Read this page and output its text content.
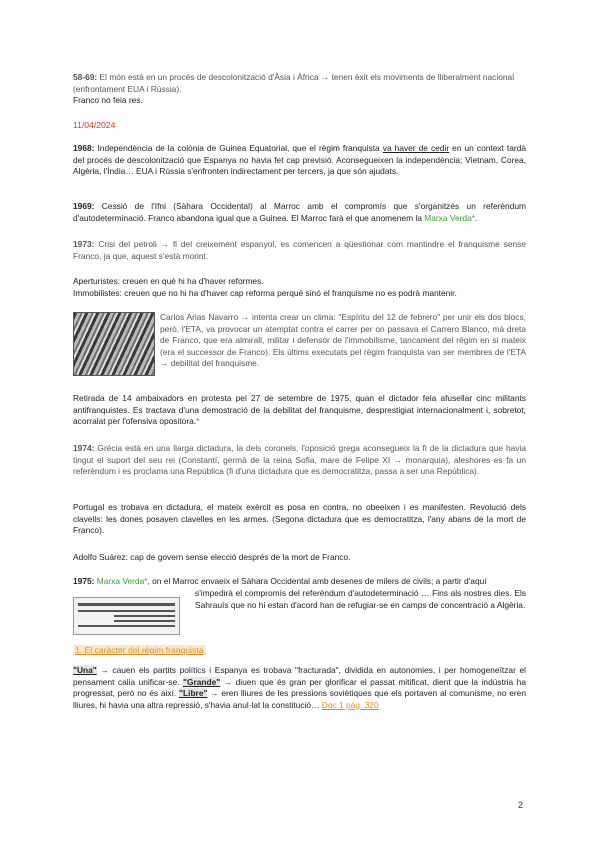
58-69: El món està en un procés de descolonització d'Àsia i Àfrica → tenen èxit els moviments de lliberalment nacional (enfrontament EUA i Rússia).
Franco no feia res.
11/04/2024
1968: Independència de la colònia de Guinea Equatorial, que el règim franquista va haver de cedir en un context tardà del procés de descolonització que Espanya no havia fet cap previsió. Aconsegueixen la independència; Vietnam, Corea, Algèria, l'Índia… EUA i Rússia s'enfronten indirectament per tercers, ja que són ajudats.
1969: Cessió de l'Ifni (Sàhara Occidental) al Marroc amb el compromís que s'organitzés un referèndum d'autodeterminació. Franco abandona igual que a Guinea. El Marroc farà el que anomenem la Marxa Verda*.
1973: Crisi del petroli → fi del creixement espanyol, es comencen a qüestionar com mantindre el franquisme sense Franco, ja que, aquest s'està morint.
Aperturistes: creuen en què hi ha d'haver reformes.
Immobilistes: creuen que no hi ha d'haver cap reforma perquè sinó el franquisme no es podrà mantenir.
Carlos Arias Navarro → intenta crear un clima: "Espíritu del 12 de febrero" per unir els dos blocs, però, l'ETA, va provocar un atemptat contra el carrer per on passava el Carrero Blanco, mà dreta de Franco, que era almirall, militar i defensor de l'immobilisme, tancament del règim en si mateix (era el successor de Franco). Els últims executats pel règim franquista van ser membres de l'ETA → debilitat del franquisme.
Retirada de 14 ambaixadors en protesta pel 27 de setembre de 1975, quan el dictador feia afusellar cinc militants antifranquistes. Es tractava d'una demostració de la debilitat del franquisme, desprestigiat internacionalment i, sobretot, acorralat per l'ofensiva opositora.*
1974: Grècia està en una llarga dictadura, la dels coronels, l'oposició grega aconsegueix la fi de la dictadura que havia tingut el suport del seu rei (Constantí, germà de la reina Sofia, mare de Felipe XI → monarquia), aleshores es fa un referèndum i es proclama una República (fi d'una dictadura que es democratitza, passa a ser una República).
Portugal es trobava en dictadura, el mateix exèrcit es posa en contra, no obeeixen i es manifesten. Revolució dels clavells: les dones posaven clavelles en les armes. (Segona dictadura que es democratitza, l'any abans de la mort de Franco).
Adolfo Suárez: cap de govern sense elecció després de la mort de Franco.
1975: Marxa Verda*, on el Marroc envaeix el Sàhara Occidental amb desenes de milers de civils; a partir d'aquí
s'impedirà el compromís del referèndum d'autodeterminació … Fins als nostres dies. Els Sahrauís que no hi estan d'acord han de refugiar-se en camps de concentració a Algèria.
1. El caràcter del règim franquista
"Una" → cauen els partits polítics i Espanya es trobava "fracturada", dividida en autonomies, i per homogeneïtzar el pensament calia unificar-se. "Grande" → diuen que és gran per glorificar el passat mitificat, dient que la indústria ha progressat, però no és així. "Libre" → eren lliures de les pressions soviètiques que els portaven al comunisme, no eren lliures, hi havia una altra repressió, s'havia anul·lat la constitució… Doc 1 pàg. 320
2
